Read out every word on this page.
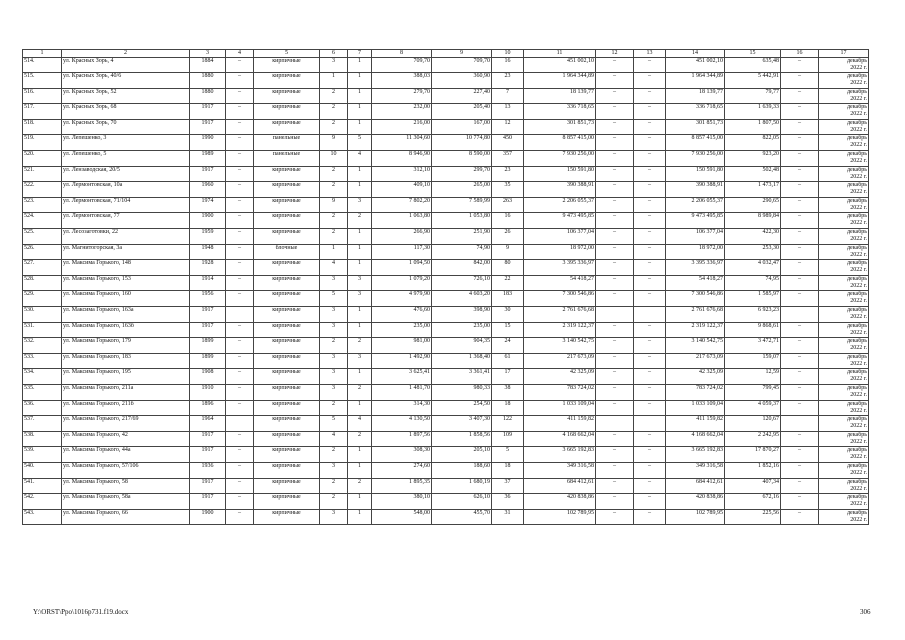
1	2	3	4	5	6	7	8	9	10	11	12	13	14	15	16	17
514.	ул. Красных Зорь, 4	1884	–	кирпичные	3	1	709,70	709,70	16	451 002,10	–	–	451 002,10	635,48	–	декабрь
2022 г.

515.	ул. Красных Зорь, 40/6	1880	–	кирпичные	1	1	388,03	360,90	23	1 964 344,89	–	–	1 964 344,89	5 442,91	–	декабрь
2022 г.

516.	ул. Красных Зорь, 52	1880	–	кирпичные	2	1	279,70	227,40	7	18 139,77	–	–	18 139,77	79,77	–	декабрь
2022 г.

517.	ул. Красных Зорь, 68	1917	–	кирпичные	2	1	232,00	205,40	13	336 718,65	–	–	336 718,65	1 639,33	–	декабрь
2022 г.

518.	ул. Красных Зорь, 70	1917	–	кирпичные	2	1	216,00	167,00	12	301 851,73	–	–	301 851,73	1 807,50	–	декабрь
2022 г.

519.	ул. Лепешенко, 3	1990	–	панельные	9	5	11 304,60	10 774,80	450	8 857 415,00	–	–	8 857 415,00	822,05	–	декабрь
2022 г.

520.	ул. Лепешенко, 5	1989	–	панельные	10	4	8 946,90	8 590,00	357	7 930 256,00	–	–	7 930 256,00	923,20	–	декабрь
2022 г.

521.	ул. Лензаводская, 20/5	1917	–	кирпичные	2	1	312,10	299,70	23	150 591,80	–	–	150 591,80	502,48	–	декабрь
2022 г.

522.	ул. Лермонтовская, 10а	1960	–	кирпичные	2	1	409,10	265,00	35	390 388,91	–	–	390 388,91	1 473,17	–	декабрь
2022 г.

523.	ул. Лермонтовская, 71/104	1974	–	кирпичные	9	3	7 802,20	7 589,99	263	2 206 055,37	–	–	2 206 055,37	290,65	–	декабрь
2022 г.

524.	ул. Лермонтовская, 77	1900	–	кирпичные	2	2	1 063,80	1 053,80	16	9 473 495,85	–	–	9 473 495,85	8 989,84	–	декабрь
2022 г.

525.	ул. Лесозаготовки, 22	1959	–	кирпичные	2	1	266,90	251,90	26	106 377,04	–	–	106 377,04	422,30	–	декабрь
2022 г.

526.	ул. Магнитогорская, 3а	1948	–	блочные	1	1	117,30	74,90	9	18 972,00	–	–	18 972,00	253,30	–	декабрь
2022 г.

527.	ул. Максима Горького, 148	1928	–	кирпичные	4	1	1 094,50	842,00	80	3 395 336,97	–	–	3 395 336,97	4 032,47	–	декабрь
2022 г.

528.	ул. Максима Горького, 153	1914	–	кирпичные	3	3	1 079,20	726,10	22	54 418,27	–	–	54 418,27	74,95	–	декабрь
2022 г.

529.	ул. Максима Горького, 160	1956	–	кирпичные	5	3	4 979,90	4 603,20	183	7 300 546,86	–	–	7 300 546,86	1 585,97	–	декабрь
2022 г.

530.	ул. Максима Горького, 163а	1917		кирпичные	3	1	476,60	398,90	30	2 761 676,68			2 761 676,68	6 923,23		декабрь
2022 г.

531.	ул. Максима Горького, 163б	1917	–	кирпичные	3	1	235,00	235,00	15	2 319 122,37	–	–	2 319 122,37	9 868,61	–	декабрь
2022 г.

532.	ул. Максима Горького, 179	1899	–	кирпичные	2	2	981,00	904,35	24	3 140 542,75	–	–	3 140 542,75	3 472,71	–	декабрь
2022 г.

533.	ул. Максима Горького, 183	1899	–	кирпичные	3	3	1 492,90	1 368,40	61	217 673,09	–	–	217 673,09	159,07	–	декабрь
2022 г.

534.	ул. Максима Горького, 195	1908	–	кирпичные	3	1	3 625,41	3 361,41	17	42 325,09	–	–	42 325,09	12,59	–	декабрь
2022 г.

535.	ул. Максима Горького, 211а	1910	–	кирпичные	3	2	1 481,70	980,33	38	783 724,02	–	–	783 724,02	799,45	–	декабрь
2022 г.

536.	ул. Максима Горького, 211б	1896	–	кирпичные	2	1	314,30	254,50	18	1 033 109,04	–	–	1 033 109,04	4 059,37	–	декабрь
2022 г.

537.	ул. Максима Горького, 217/69	1964		кирпичные	5	4	4 130,50	3 407,30	122	411 159,82			411 159,82	120,67		декабрь
2022 г.

538.	ул. Максима Горького, 42	1917	–	кирпичные	4	2	1 897,56	1 858,56	109	4 168 662,04	–	–	4 168 662,04	2 242,95	–	декабрь
2022 г.

539.	ул. Максима Горького, 44а	1917	–	кирпичные	2	1	308,30	205,10	5	3 665 192,83	–	–	3 665 192,83	17 870,27	–	декабрь
2022 г.

540.	ул. Максима Горького, 57/106	1936	–	кирпичные	3	1	274,60	188,60	18	349 316,58	–	–	349 316,58	1 852,16	–	декабрь
2022 г.

541.	ул. Максима Горького, 58	1917	–	кирпичные	2	2	1 895,35	1 680,19	37	684 412,61	–	–	684 412,61	407,34	–	декабрь
2022 г.

542.	ул. Максима Горького, 58а	1917	–	кирпичные	2	1	380,10	626,10	36	420 838,86	–	–	420 838,86	672,16	–	декабрь
2022 г.

543.	ул. Максима Горького, 66	1900	–	кирпичные	3	1	548,00	455,70	31	102 789,95	–	–	102 789,95	225,56	–	декабрь
2022 г.
Y:\ORST\Ppo\1016p731.f19.docx	306
